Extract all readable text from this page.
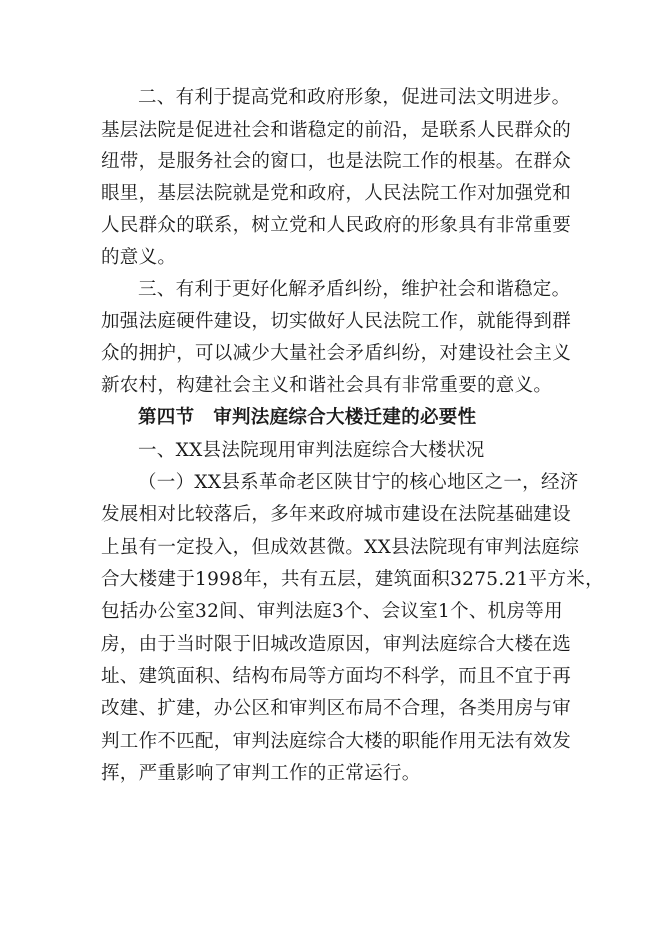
二、有利于提高党和政府形象，促进司法文明进步。
基层法院是促进社会和谐稳定的前沿，是联系人民群众的
纽带，是服务社会的窗口，也是法院工作的根基。在群众
眼里，基层法院就是党和政府，人民法院工作对加强党和
人民群众的联系，树立党和人民政府的形象具有非常重要
的意义。
三、有利于更好化解矛盾纠纷，维护社会和谐稳定。
加强法庭硬件建设，切实做好人民法院工作，就能得到群
众的拥护，可以减少大量社会矛盾纠纷，对建设社会主义
新农村，构建社会主义和谐社会具有非常重要的意义。
第四节　审判法庭综合大楼迁建的必要性
一、XX县法院现用审判法庭综合大楼状况
（一）XX县系革命老区陕甘宁的核心地区之一，经济
发展相对比较落后，多年来政府城市建设在法院基础建设
上虽有一定投入，但成效甚微。XX县法院现有审判法庭综
合大楼建于1998年，共有五层，建筑面积3275.21平方米，
包括办公室32间、审判法庭3个、会议室1个、机房等用
房，由于当时限于旧城改造原因，审判法庭综合大楼在选
址、建筑面积、结构布局等方面均不科学，而且不宜于再
改建、扩建，办公区和审判区布局不合理，各类用房与审
判工作不匹配，审判法庭综合大楼的职能作用无法有效发
挥，严重影响了审判工作的正常运行。
